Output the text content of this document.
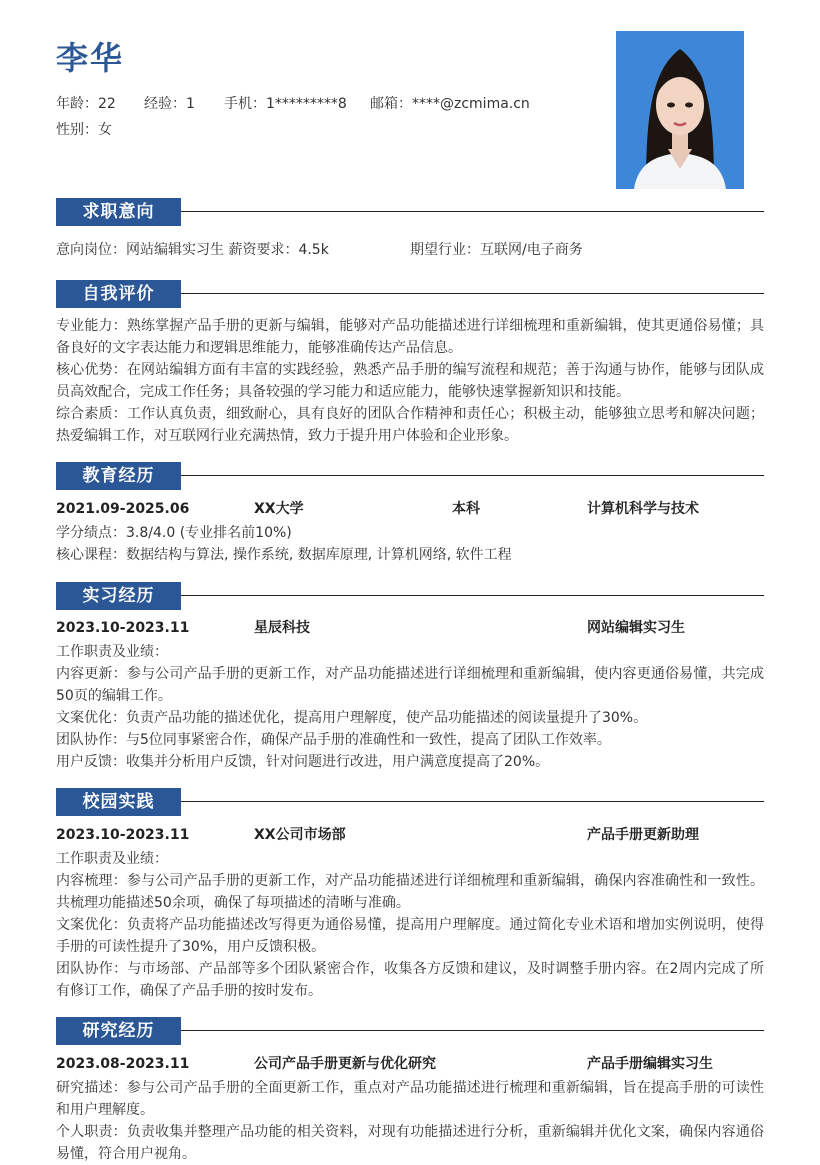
李华
年龄：22 经验：1 手机：1*********8 邮箱：****@zcmima.cn
性别：女
求职意向
意向岗位：网站编辑实习生 薪资要求：4.5k	期望行业：互联网/电子商务
自我评价

专业能力：熟练掌握产品手册的更新与编辑，能够对产品功能描述进行详细梳理和重新编辑，使其更通俗易懂；具备良好的文字表达能力和逻辑思维能力，能够准确传达产品信息。

核心优势：在网站编辑方面有丰富的实践经验，熟悉产品手册的编写流程和规范；善于沟通与协作，能够与团队成员高效配合，完成工作任务；具备较强的学习能力和适应能力，能够快速掌握新知识和技能。

综合素质：工作认真负责，细致耐心，具有良好的团队合作精神和责任心；积极主动，能够独立思考和解决问题；热爱编辑工作，对互联网行业充满热情，致力于提升用户体验和企业形象。

教育经历
2021.09-2025.06	XX大学	本科	计算机科学与技术

学分绩点：3.8/4.0 (专业排名前10%)

核心课程：数据结构与算法, 操作系统, 数据库原理, 计算机网络, 软件工程

实习经历
2023.10-2023.11	星辰科技	网站编辑实习生

工作职责及业绩：

内容更新：参与公司产品手册的更新工作，对产品功能描述进行详细梳理和重新编辑，使内容更通俗易懂，共完成50页的编辑工作。

文案优化：负责产品功能的描述优化，提高用户理解度，使产品功能描述的阅读量提升了30%。

团队协作：与5位同事紧密合作，确保产品手册的准确性和一致性，提高了团队工作效率。

用户反馈：收集并分析用户反馈，针对问题进行改进，用户满意度提高了20%。

校园实践
2023.10-2023.11	XX公司市场部	产品手册更新助理

工作职责及业绩：

内容梳理：参与公司产品手册的更新工作，对产品功能描述进行详细梳理和重新编辑，确保内容准确性和一致性。共梳理功能描述50余项，确保了每项描述的清晰与准确。

文案优化：负责将产品功能描述改写得更为通俗易懂，提高用户理解度。通过简化专业术语和增加实例说明，使得手册的可读性提升了30%，用户反馈积极。

团队协作：与市场部、产品部等多个团队紧密合作，收集各方反馈和建议，及时调整手册内容。在2周内完成了所有修订工作，确保了产品手册的按时发布。

研究经历
2023.08-2023.11	公司产品手册更新与优化研究	产品手册编辑实习生

研究描述：参与公司产品手册的全面更新工作，重点对产品功能描述进行梳理和重新编辑，旨在提高手册的可读性和用户理解度。

个人职责：负责收集并整理产品功能的相关资料，对现有功能描述进行分析，重新编辑并优化文案，确保内容通俗易懂，符合用户视角。
